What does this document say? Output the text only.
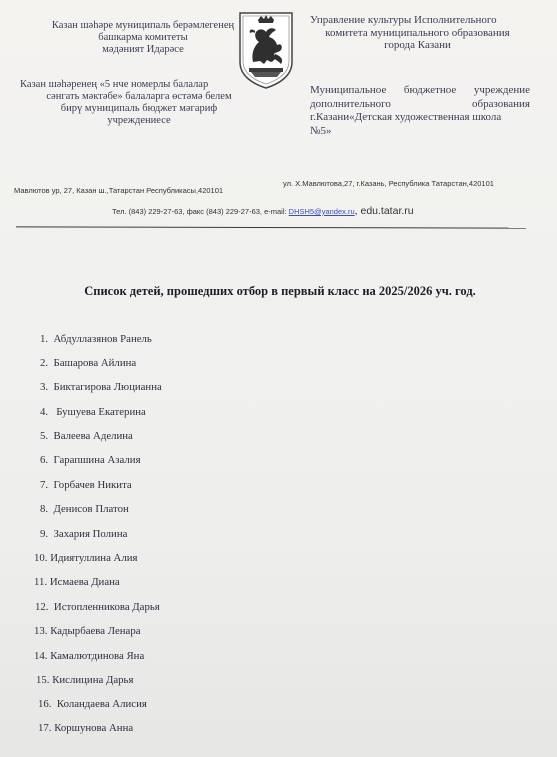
Казан шәһәре муниципаль берәмлегенең
башкарма комитеты
мәдәният Идарәсе
Казан шәһәренең «5 нче номерлы балалар
сәнгать мәктәбе» балаларга өстәмә белем
бирү муниципаль бюджет мәгариф
учреждениесе
Управление культуры Исполнительного
комитета муниципального образования
города Казани
Муниципальное бюджетное учреждение
дополнительного образования
г.Казани«Детская художественная школа
№5»
Мавлютов ур, 27, Казан ш.,Татарстан Республикасы,420101
ул. Х.Мавлютова,27, г.Казань, Республика Татарстан,420101
Тел. (843) 229-27-63, факс (843) 229-27-63, e-mail: DHSH5@yandex.ru, edu.tatar.ru
Список детей, прошедших отбор в первый класс на 2025/2026 уч. год.
1. Абдуллазянов Ранель
2. Башарова Айлина
3. Биктагирова Люцианна
4. Бушуева Екатерина
5. Валеева Аделина
6. Гарапшина Азалия
7. Горбачев Никита
8. Денисов Платон
9. Захария Полина
10. Идиятуллина Алия
11. Исмаева Диана
12. Истопленникова Дарья
13. Кадырбаева Ленара
14. Камалютдинова Яна
15. Кислицина Дарья
16. Коландаева Алисия
17. Коршунова Анна
